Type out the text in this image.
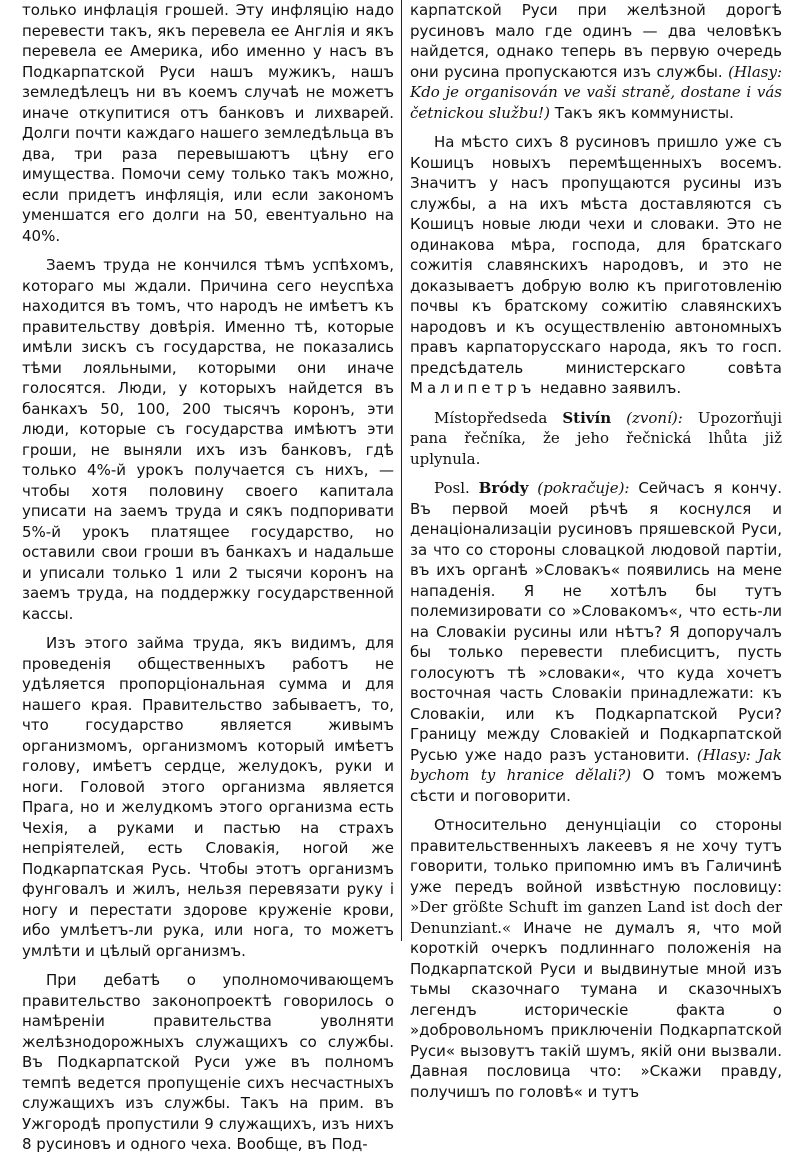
только инфлація грошей. Эту инфляцію надо перевести такъ, якъ перевела ее Англія и якъ перевела ее Америка, ибо именно у насъ въ Подкарпатской Руси нашъ мужикъ, нашъ земледѣлецъ ни въ коемъ случаѣ не можетъ иначе откупитися отъ банковъ и лихварей. Долги почти каждаго нашего земледѣльца въ два, три раза перевышаютъ цѣну его имущества. Помочи сему только такъ можно, если придетъ инфляція, или если закономъ уменшатся его долги на 50, евентуально на 40%.

Заемъ труда не кончился тѣмъ успѣхомъ, котораго мы ждали. Причина сего неуспѣха находится въ томъ, что народъ не имѣетъ къ правительству довѣрія. Именно тѣ, которые имѣли зискъ съ государства, не показались тѣми лояльными, которыми они иначе голосятся. Люди, у которыхъ найдется въ банкахъ 50, 100, 200 тысячъ коронъ, эти люди, которые съ государства имѣютъ эти гроши, не выняли ихъ изъ банковъ, гдѣ только 4%-й урокъ получается съ нихъ, — чтобы хотя половину своего капитала уписати на заемъ труда и сякъ подпоривати 5%-й урокъ платящее государство, но оставили свои гроши въ банкахъ и надальше и уписали только 1 или 2 тысячи коронъ на заемъ труда, на поддержку государственной кассы.

Изъ этого займа труда, якъ видимъ, для проведенія общественныхъ работъ не удѣляется пропорціональная сумма и для нашего края. Правительство забываетъ, то, что государство является живымъ организмомъ, организмомъ который имѣетъ голову, имѣетъ сердце, желудокъ, руки и ноги. Головой этого организма является Прага, но и желудкомъ этого организма есть Чехія, а руками и пастью на страхъ непріятелей, есть Словакія, ногой же Подкарпатская Русь. Чтобы этотъ организмъ фунговалъ и жилъ, нельзя перевязати руку і ногу и перестати здорове круженіе крови, ибо умлѣетъ-ли рука, или нога, то можетъ умлѣти и цѣлый организмъ.

При дебатѣ о уполномочивающемъ правительство законопроектѣ говорилось о намѣреніи правительства уволняти желѣзнодорожныхъ служащихъ со службы. Въ Подкарпатской Руси уже въ полномъ темпѣ ведется пропущеніе сихъ несчастныхъ служащихъ изъ службы. Такъ на прим. въ Ужгородѣ пропустили 9 служащихъ, изъ нихъ 8 русиновъ и одного чеха. Вообще, въ Под-

карпатской Руси при желѣзной дорогѣ русиновъ мало где одинъ — два человѣкъ найдется, однако теперь въ первую очередь они русина пропускаются изъ службы. (Hlasy: Kdo je organisován ve vaši straně, dostane i vás četnickou službu!) Такъ якъ коммунисты.

На мѣсто сихъ 8 русиновъ пришло уже съ Кошицъ новыхъ перемѣщенныхъ восемъ. Значитъ у насъ пропущаются русины изъ службы, а на ихъ мѣста доставляются съ Кошицъ новые люди чехи и словаки. Это не одинакова мѣра, господа, для братскаго сожитія славянскихъ народовъ, и это не доказываетъ добрую волю къ приготовленію почвы къ братскому сожитію славянскихъ народовъ и къ осуществленію автономныхъ правъ карпаторусскаго народа, якъ то госп. предсѣдатель министерскаго совѣта Малипетръ недавно заявилъ.

Místopředseda Stivín (zvoní): Upozorňuji pana řečníka, že jeho řečnická lhůta již uplynula.

Posl. Bródy (pokračuje): Сейчасъ я кончу. Въ первой моей рѣчѣ я коснулся и денаціонализаціи русиновъ пряшевской Руси, за что со стороны словацкой людовой партіи, въ ихъ органѣ »Словакъ« появились на мене нападенія. Я не хотѣлъ бы тутъ полемизировати со »Словакомъ«, что есть-ли на Словакіи русины или нѣтъ? Я допоручалъ бы только перевести плебисцитъ, пусть голосуютъ тѣ »словаки«, что куда хочетъ восточная часть Словакіи принадлежати: къ Словакіи, или къ Подкарпатской Руси? Границу между Словакіей и Подкарпатской Русью уже надо разъ установити. (Hlasy: Jak bychom ty hranice dělali?) О томъ можемъ сѣсти и поговорити.

Относительно денунціаціи со стороны правительственныхъ лакеевъ я не хочу тутъ говорити, только припомню имъ въ Галичинѣ уже передъ войной извѣстную пословицу: »Der größte Schuft im ganzen Land ist doch der Denunziant.« Иначе не думалъ я, что мой короткій очеркъ подлиннаго положенія на Подкарпатской Руси и выдвинутые мной изъ тьмы сказочнаго тумана и сказочныхъ легендъ историческіе факта о »добровольномъ приключеніи Подкарпатской Руси« вызовутъ такій шумъ, якій они вызвали. Давная пословица что: »Скажи правду, получишъ по головѣ« и тутъ
